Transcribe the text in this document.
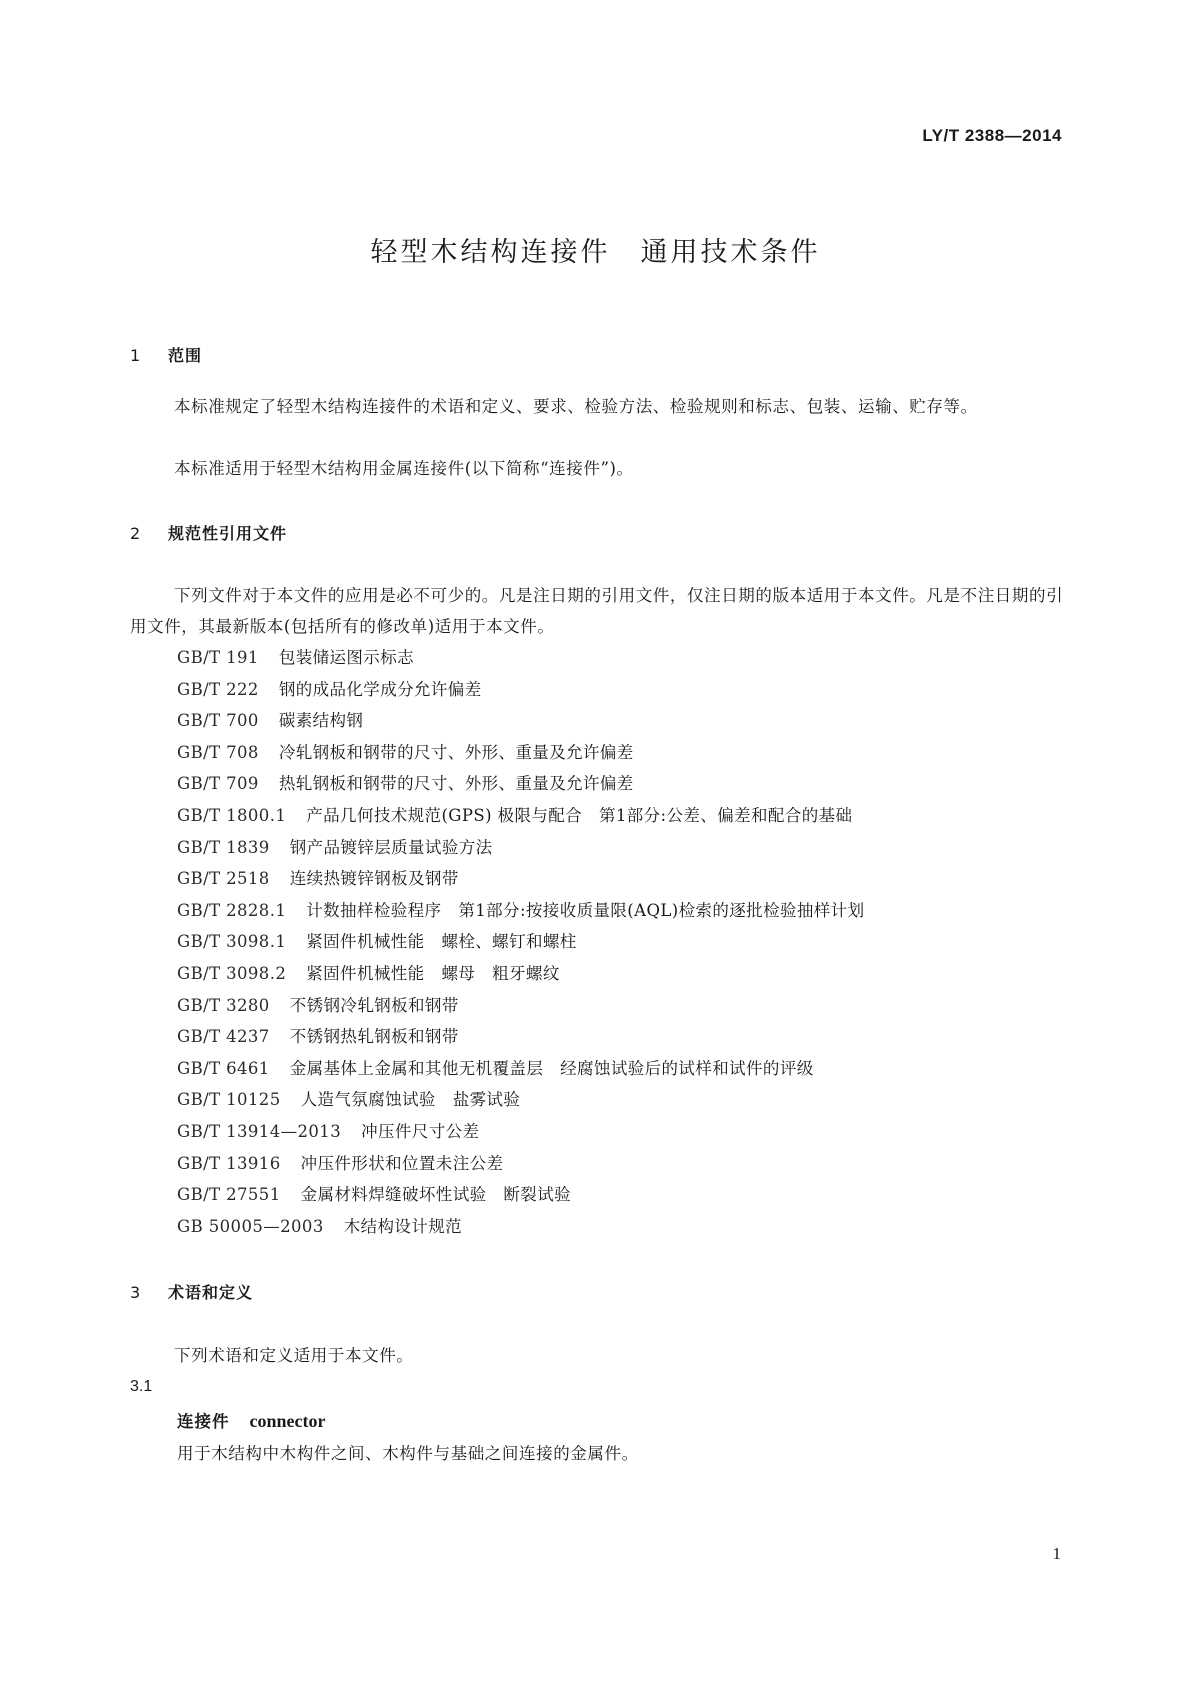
LY/T 2388—2014
轻型木结构连接件 通用技术条件
1 范围
本标准规定了轻型木结构连接件的术语和定义、要求、检验方法、检验规则和标志、包装、运输、贮存等。
本标准适用于轻型木结构用金属连接件(以下简称“连接件”)。
2 规范性引用文件
下列文件对于本文件的应用是必不可少的。凡是注日期的引用文件，仅注日期的版本适用于本文件。凡是不注日期的引用文件，其最新版本(包括所有的修改单)适用于本文件。
GB/T 191 包装储运图示标志
GB/T 222 钢的成品化学成分允许偏差
GB/T 700 碳素结构钢
GB/T 708 冷轧钢板和钢带的尺寸、外形、重量及允许偏差
GB/T 709 热轧钢板和钢带的尺寸、外形、重量及允许偏差
GB/T 1800.1 产品几何技术规范(GPS) 极限与配合　第1部分:公差、偏差和配合的基础
GB/T 1839 钢产品镀锌层质量试验方法
GB/T 2518 连续热镀锌钢板及钢带
GB/T 2828.1 计数抽样检验程序　第1部分:按接收质量限(AQL)检索的逐批检验抽样计划
GB/T 3098.1 紧固件机械性能　螺栓、螺钉和螺柱
GB/T 3098.2 紧固件机械性能　螺母　粗牙螺纹
GB/T 3280 不锈钢冷轧钢板和钢带
GB/T 4237 不锈钢热轧钢板和钢带
GB/T 6461 金属基体上金属和其他无机覆盖层　经腐蚀试验后的试样和试件的评级
GB/T 10125 人造气氛腐蚀试验　盐雾试验
GB/T 13914—2013 冲压件尺寸公差
GB/T 13916 冲压件形状和位置未注公差
GB/T 27551 金属材料焊缝破坏性试验　断裂试验
GB 50005—2003 木结构设计规范
3 术语和定义
下列术语和定义适用于本文件。
3.1
连接件 connector
用于木结构中木构件之间、木构件与基础之间连接的金属件。
1
